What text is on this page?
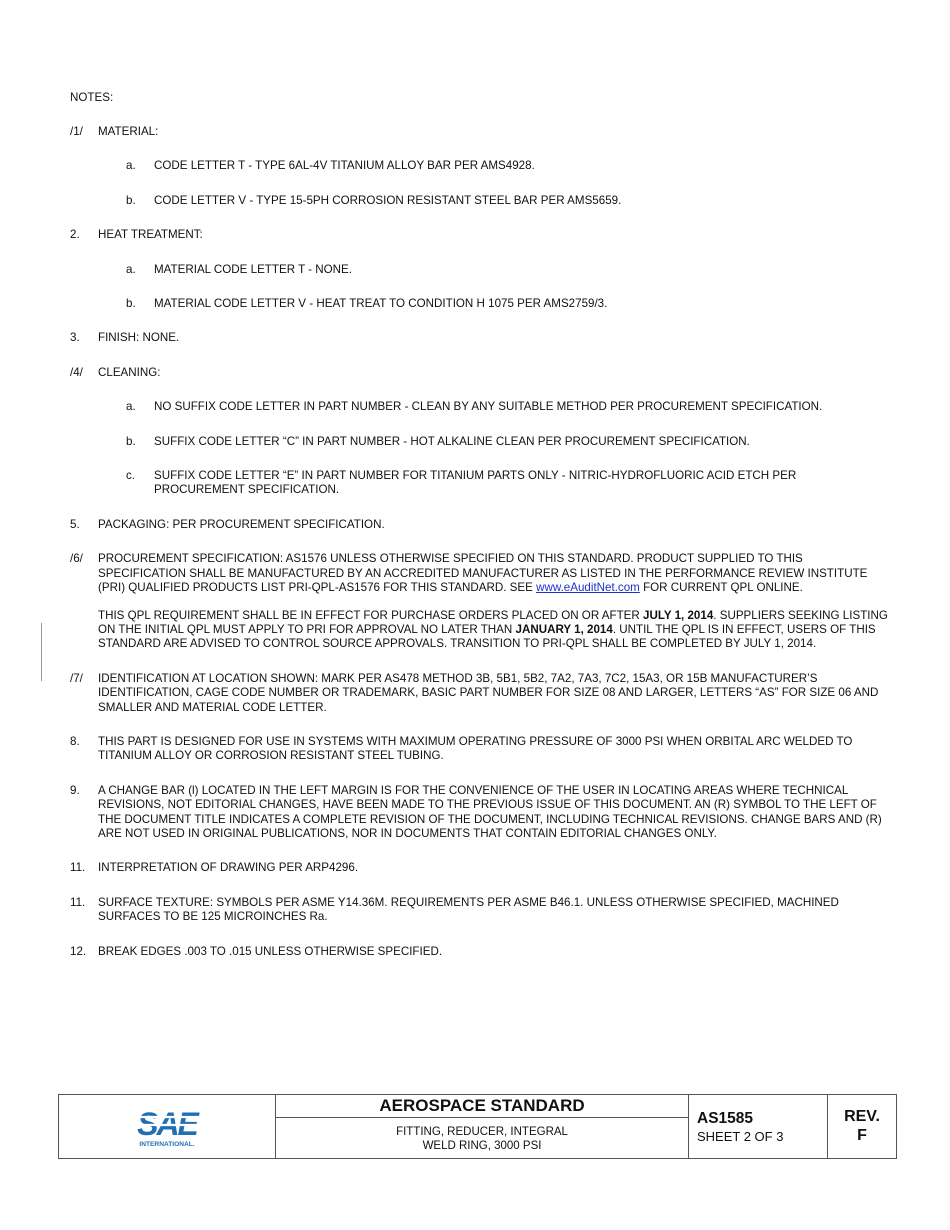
NOTES:
/1/ MATERIAL:
a. CODE LETTER T - TYPE 6AL-4V TITANIUM ALLOY BAR PER AMS4928.
b. CODE LETTER V - TYPE 15-5PH CORROSION RESISTANT STEEL BAR PER AMS5659.
2. HEAT TREATMENT:
a. MATERIAL CODE LETTER T - NONE.
b. MATERIAL CODE LETTER V - HEAT TREAT TO CONDITION H 1075 PER AMS2759/3.
3. FINISH: NONE.
/4/ CLEANING:
a. NO SUFFIX CODE LETTER IN PART NUMBER - CLEAN BY ANY SUITABLE METHOD PER PROCUREMENT SPECIFICATION.
b. SUFFIX CODE LETTER “C” IN PART NUMBER - HOT ALKALINE CLEAN PER PROCUREMENT SPECIFICATION.
c. SUFFIX CODE LETTER “E” IN PART NUMBER FOR TITANIUM PARTS ONLY - NITRIC-HYDROFLUORIC ACID ETCH PER PROCUREMENT SPECIFICATION.
5. PACKAGING: PER PROCUREMENT SPECIFICATION.
/6/ PROCUREMENT SPECIFICATION: AS1576 UNLESS OTHERWISE SPECIFIED ON THIS STANDARD. PRODUCT SUPPLIED TO THIS SPECIFICATION SHALL BE MANUFACTURED BY AN ACCREDITED MANUFACTURER AS LISTED IN THE PERFORMANCE REVIEW INSTITUTE (PRI) QUALIFIED PRODUCTS LIST PRI-QPL-AS1576 FOR THIS STANDARD. SEE www.eAuditNet.com FOR CURRENT QPL ONLINE.
THIS QPL REQUIREMENT SHALL BE IN EFFECT FOR PURCHASE ORDERS PLACED ON OR AFTER JULY 1, 2014. SUPPLIERS SEEKING LISTING ON THE INITIAL QPL MUST APPLY TO PRI FOR APPROVAL NO LATER THAN JANUARY 1, 2014. UNTIL THE QPL IS IN EFFECT, USERS OF THIS STANDARD ARE ADVISED TO CONTROL SOURCE APPROVALS. TRANSITION TO PRI-QPL SHALL BE COMPLETED BY JULY 1, 2014.
/7/ IDENTIFICATION AT LOCATION SHOWN: MARK PER AS478 METHOD 3B, 5B1, 5B2, 7A2, 7A3, 7C2, 15A3, OR 15B MANUFACTURER’S IDENTIFICATION, CAGE CODE NUMBER OR TRADEMARK, BASIC PART NUMBER FOR SIZE 08 AND LARGER, LETTERS “AS” FOR SIZE 06 AND SMALLER AND MATERIAL CODE LETTER.
8. THIS PART IS DESIGNED FOR USE IN SYSTEMS WITH MAXIMUM OPERATING PRESSURE OF 3000 PSI WHEN ORBITAL ARC WELDED TO TITANIUM ALLOY OR CORROSION RESISTANT STEEL TUBING.
9. A CHANGE BAR (l) LOCATED IN THE LEFT MARGIN IS FOR THE CONVENIENCE OF THE USER IN LOCATING AREAS WHERE TECHNICAL REVISIONS, NOT EDITORIAL CHANGES, HAVE BEEN MADE TO THE PREVIOUS ISSUE OF THIS DOCUMENT. AN (R) SYMBOL TO THE LEFT OF THE DOCUMENT TITLE INDICATES A COMPLETE REVISION OF THE DOCUMENT, INCLUDING TECHNICAL REVISIONS. CHANGE BARS AND (R) ARE NOT USED IN ORIGINAL PUBLICATIONS, NOR IN DOCUMENTS THAT CONTAIN EDITORIAL CHANGES ONLY.
11. INTERPRETATION OF DRAWING PER ARP4296.
11. SURFACE TEXTURE: SYMBOLS PER ASME Y14.36M. REQUIREMENTS PER ASME B46.1. UNLESS OTHERWISE SPECIFIED, MACHINED SURFACES TO BE 125 MICROINCHES Ra.
12. BREAK EDGES .003 TO .015 UNLESS OTHERWISE SPECIFIED.
SAE
INTERNATIONAL.
AEROSPACE STANDARD
FITTING, REDUCER, INTEGRAL
WELD RING, 3000 PSI
AS1585
SHEET 2 OF 3
REV.
F
